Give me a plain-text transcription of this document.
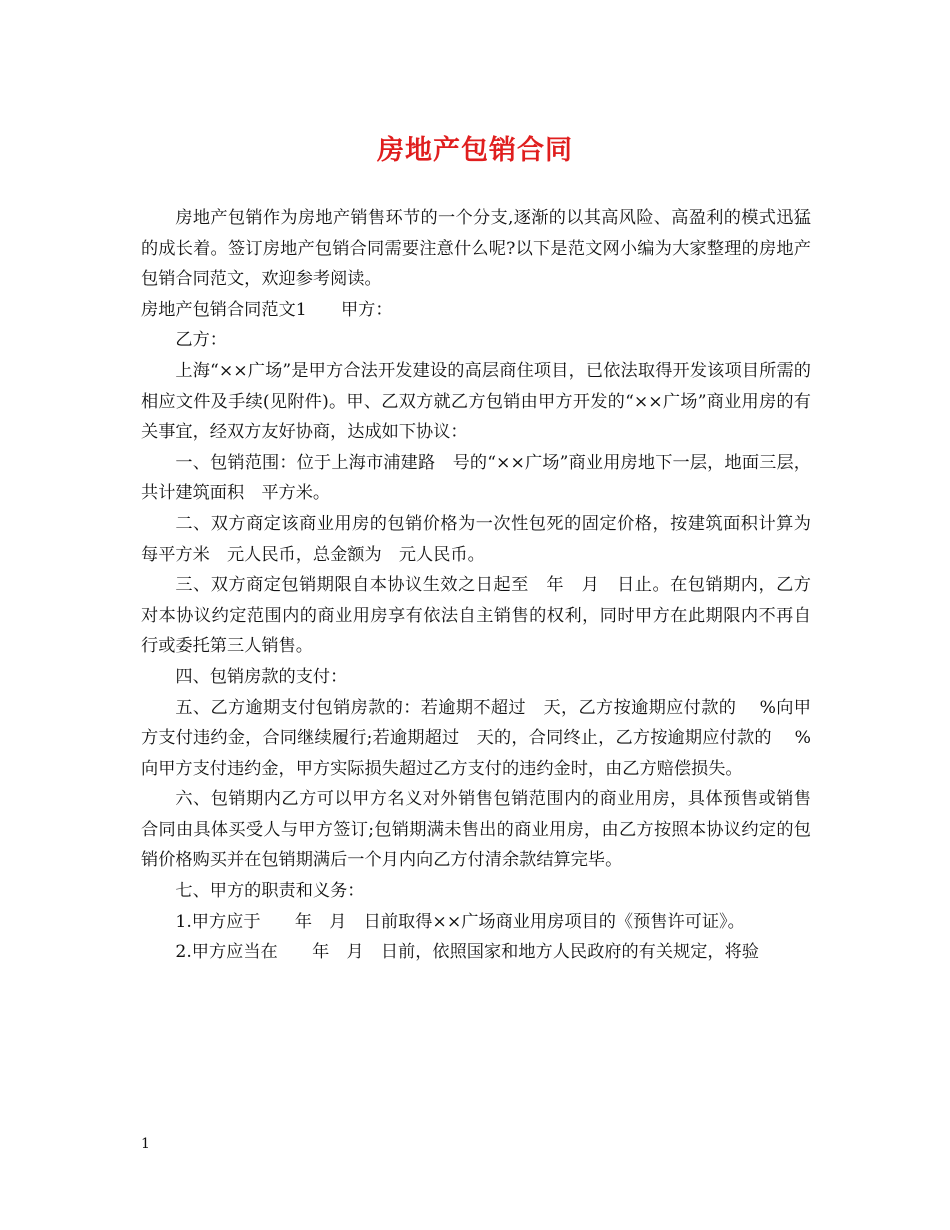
房地产包销合同

房地产包销作为房地产销售环节的一个分支,逐渐的以其高风险、高盈利的模式迅猛的成长着。签订房地产包销合同需要注意什么呢?以下是范文网小编为大家整理的房地产包销合同范文，欢迎参考阅读。

房地产包销合同范文1　　甲方：

乙方：

上海“××广场”是甲方合法开发建设的高层商住项目，已依法取得开发该项目所需的相应文件及手续(见附件)。甲、乙双方就乙方包销由甲方开发的“××广场”商业用房的有关事宜，经双方友好协商，达成如下协议：

一、包销范围：位于上海市浦建路　号的“××广场”商业用房地下一层，地面三层，共计建筑面积　平方米。

二、双方商定该商业用房的包销价格为一次性包死的固定价格，按建筑面积计算为每平方米　元人民币，总金额为　元人民币。

三、双方商定包销期限自本协议生效之日起至　年　月　日止。在包销期内，乙方对本协议约定范围内的商业用房享有依法自主销售的权利，同时甲方在此期限内不再自行或委托第三人销售。

四、包销房款的支付：

五、乙方逾期支付包销房款的：若逾期不超过　天，乙方按逾期应付款的　 %向甲方支付违约金，合同继续履行;若逾期超过　天的，合同终止，乙方按逾期应付款的　 %向甲方支付违约金，甲方实际损失超过乙方支付的违约金时，由乙方赔偿损失。

六、包销期内乙方可以甲方名义对外销售包销范围内的商业用房，具体预售或销售合同由具体买受人与甲方签订;包销期满未售出的商业用房，由乙方按照本协议约定的包销价格购买并在包销期满后一个月内向乙方付清余款结算完毕。

七、甲方的职责和义务：

1.甲方应于　　年　月　日前取得××广场商业用房项目的《预售许可证》。

2.甲方应当在　　年　月　日前，依照国家和地方人民政府的有关规定，将验

1
